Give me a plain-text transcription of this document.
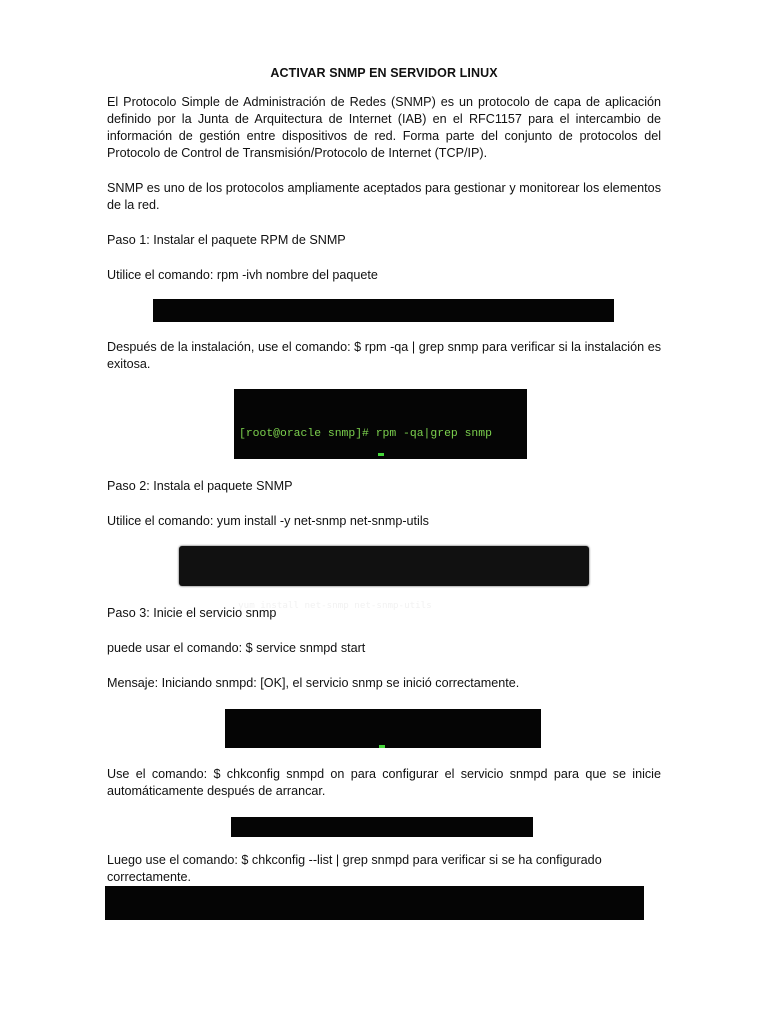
ACTIVAR SNMP EN SERVIDOR LINUX
El Protocolo Simple de Administración de Redes (SNMP) es un protocolo de capa de aplicación definido por la Junta de Arquitectura de Internet (IAB) en el RFC1157 para el intercambio de información de gestión entre dispositivos de red. Forma parte del conjunto de protocolos del Protocolo de Control de Transmisión/Protocolo de Internet (TCP/IP).
SNMP es uno de los protocolos ampliamente aceptados para gestionar y monitorear los elementos de la red.
Paso 1: Instalar el paquete RPM de SNMP
Utilice el comando: rpm -ivh nombre del paquete

Después de la instalación, use el comando: $ rpm -qa | grep snmp para verificar si la instalación es exitosa.

[root@oracle snmp]# rpm -qa|grep snmp

Paso 2: Instala el paquete SNMP
Utilice el comando: yum install -y net-snmp net-snmp-utils

yum install net-snmp net-snmp-utils

Paso 3: Inicie el servicio snmp
puede usar el comando: $ service snmpd start
Mensaje: Iniciando snmpd: [OK], el servicio snmp se inició correctamente.

Use el comando: $ chkconfig snmpd on para configurar el servicio snmpd para que se inicie automáticamente después de arrancar.

Luego use el comando: $ chkconfig --list | grep snmpd para verificar si se ha configurado correctamente.
